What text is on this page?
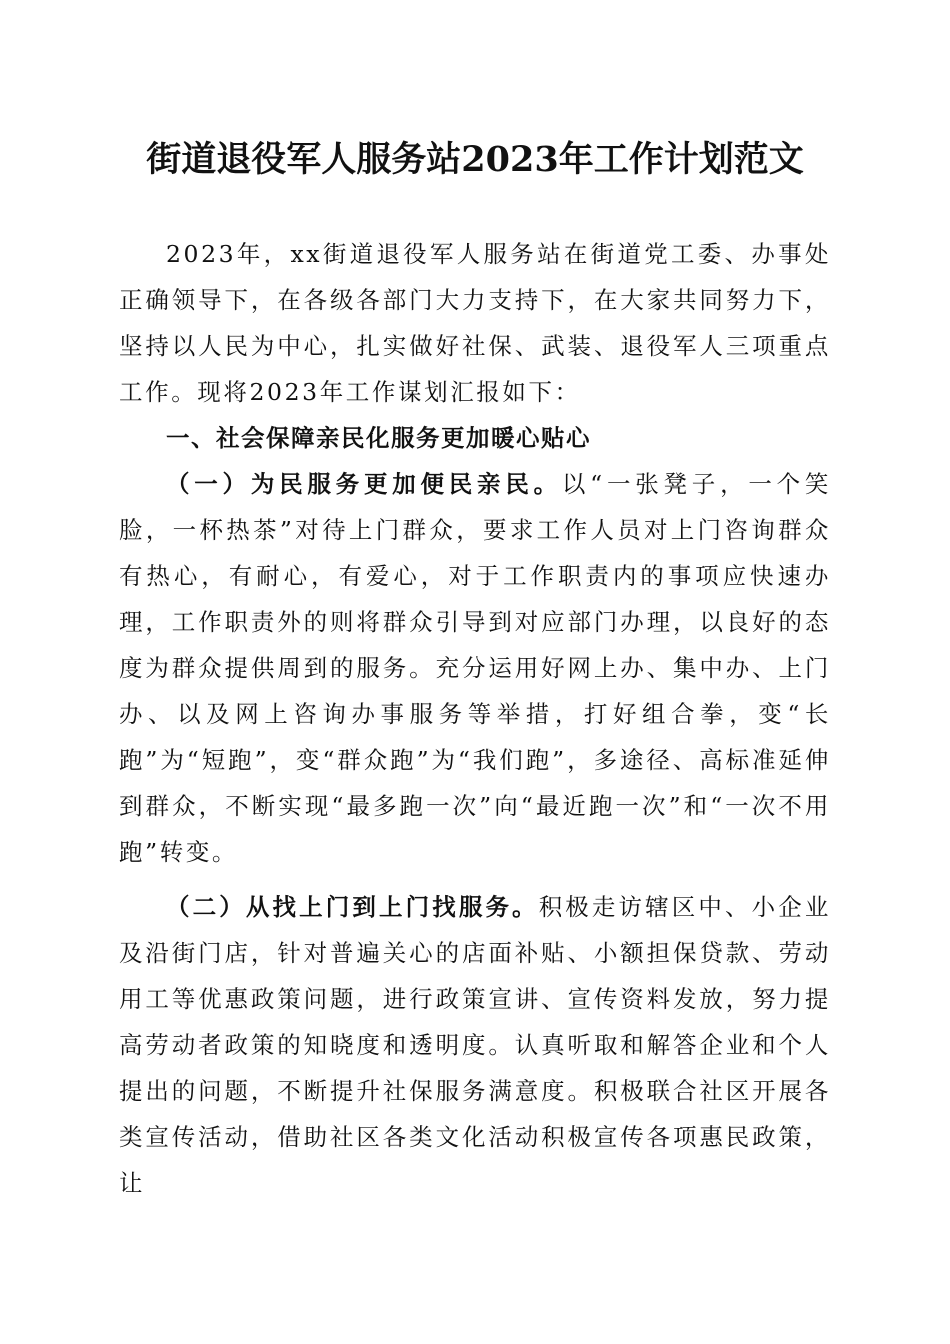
街道退役军人服务站2023年工作计划范文

2023年，xx街道退役军人服务站在街道党工委、办事处正确领导下，在各级各部门大力支持下，在大家共同努力下，坚持以人民为中心，扎实做好社保、武装、退役军人三项重点工作。现将2023年工作谋划汇报如下：

一、社会保障亲民化服务更加暖心贴心

（一）为民服务更加便民亲民。以“一张凳子，一个笑脸，一杯热茶”对待上门群众，要求工作人员对上门咨询群众有热心，有耐心，有爱心，对于工作职责内的事项应快速办理，工作职责外的则将群众引导到对应部门办理，以良好的态度为群众提供周到的服务。充分运用好网上办、集中办、上门办、以及网上咨询办事服务等举措，打好组合拳，变“长跑”为“短跑”，变“群众跑”为“我们跑”，多途径、高标准延伸到群众，不断实现“最多跑一次”向“最近跑一次”和“一次不用跑”转变。

（二）从找上门到上门找服务。积极走访辖区中、小企业及沿街门店，针对普遍关心的店面补贴、小额担保贷款、劳动用工等优惠政策问题，进行政策宣讲、宣传资料发放，努力提高劳动者政策的知晓度和透明度。认真听取和解答企业和个人提出的问题，不断提升社保服务满意度。积极联合社区开展各类宣传活动，借助社区各类文化活动积极宣传各项惠民政策，让
